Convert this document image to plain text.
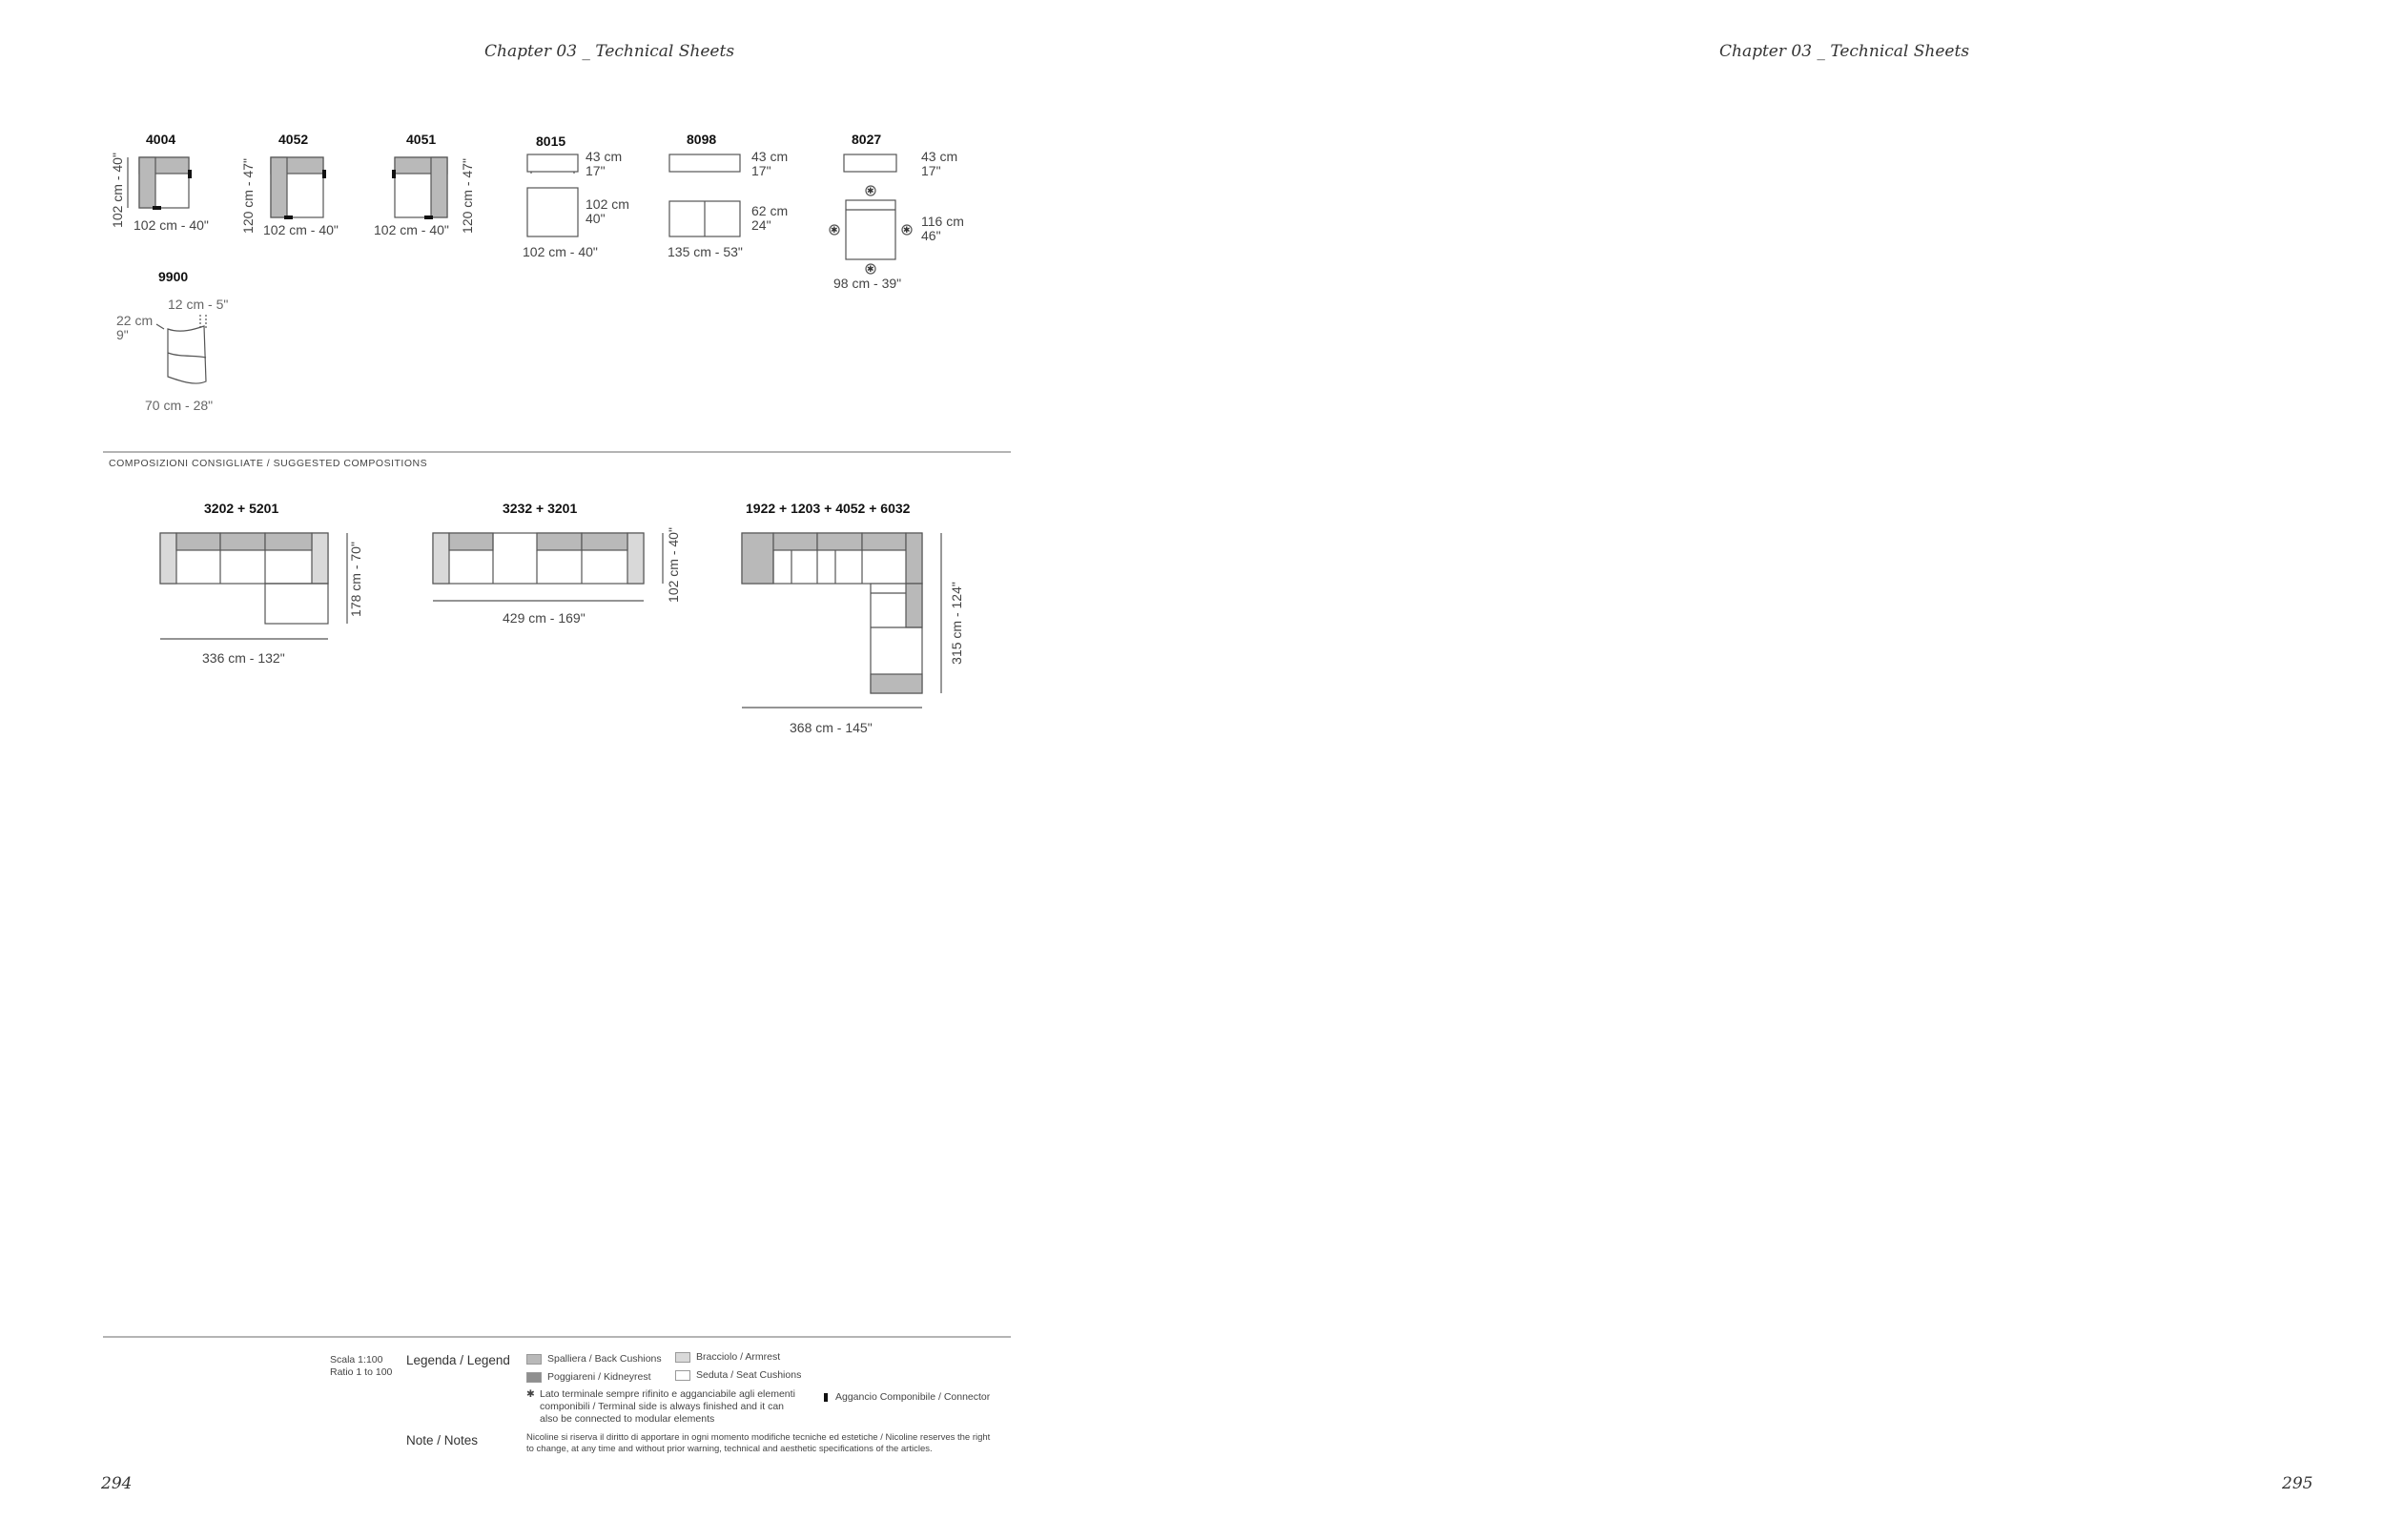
Chapter 03 _ Technical Sheets	Chapter 03 _ Technical Sheets
✱
✱
✱	✱
4004
102 cm - 40" 102 cm - 40"
4052
120 cm - 47" 102 cm - 40"
4051
102 cm - 40" 120 cm - 47"
8015
43 cm
17"
102 cm
40"
102 cm - 40"
8098
43 cm
17"
62 cm
24"
135 cm - 53"
8027
43 cm
17"
116 cm
46"
98 cm - 39"
9900
12 cm - 5"
22 cm
9"
70 cm - 28"
COMPOSIZIONI CONSIGLIATE / SUGGESTED COMPOSITIONS
3202 + 5201
336 cm - 132"
178 cm - 70"
3232 + 3201
429 cm - 169"
102 cm - 40"
1922 + 1203 + 4052 + 6032
368 cm - 145"
315 cm - 124"
Scala 1:100
Ratio 1 to 100
Legenda / Legend	Spalliera / Back Cushions	Bracciolo / Armrest
Poggiareni / Kidneyrest	Seduta / Seat Cushions
✱ Lato terminale sempre rifinito e agganciabile agli elementi
componibili / Terminal side is always finished and it can
also be connected to modular elements
Aggancio Componibile / Connector
Note / Notes	Nicoline si riserva il diritto di apportare in ogni momento modifiche tecniche ed estetiche / Nicoline reserves the right
to change, at any time and without prior warning, technical and aesthetic specifications of the articles.
294	295
